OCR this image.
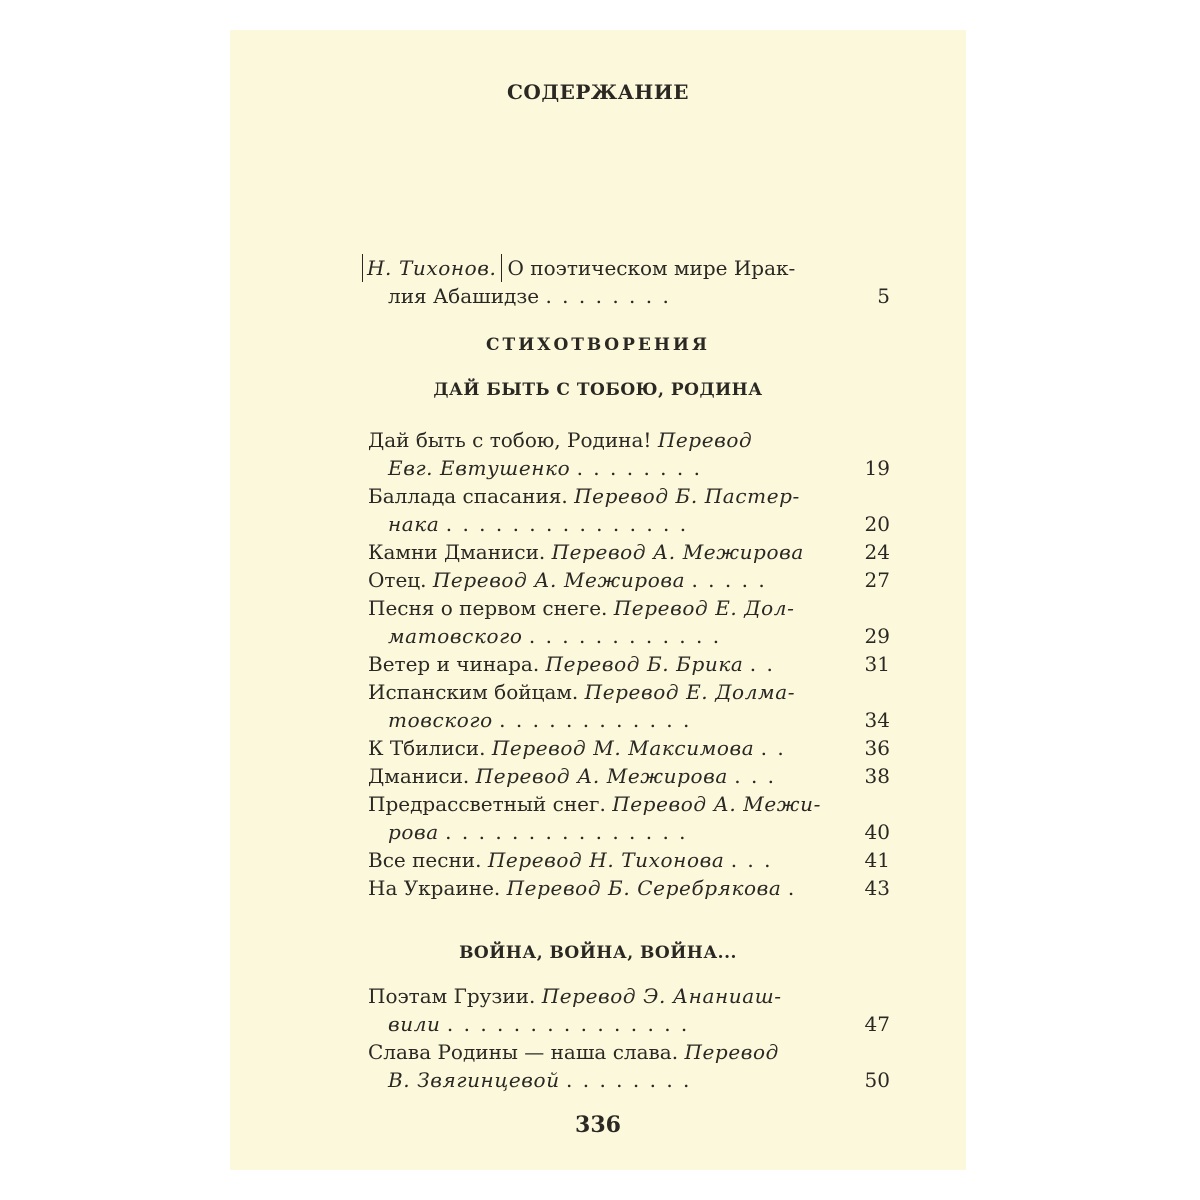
СОДЕРЖАНИЕ
Н. Тихонов. О поэтическом мире Ирак-
лия Абашидзе . . . . . . . .	5
СТИХОТВОРЕНИЯ
ДАЙ БЫТЬ С ТОБОЮ, РОДИНА
Дай быть с тобою, Родина! Перевод
Евг. Евтушенко . . . . . . . .	19
Баллада спасания. Перевод Б. Пастер-
нака . . . . . . . . . . . . . . .	20
Камни Дманиси. Перевод А. Межирова	24
Отец. Перевод А. Межирова . . . . .	27
Песня о первом снеге. Перевод Е. Дол-
матовского . . . . . . . . . . . .	29
Ветер и чинара. Перевод Б. Брика . .	31
Испанским бойцам. Перевод Е. Долма-
товского . . . . . . . . . . . .	34
К Тбилиси. Перевод М. Максимова . .	36
Дманиси. Перевод А. Межирова . . .	38
Предрассветный снег. Перевод А. Межи-
рова . . . . . . . . . . . . . . .	40
Все песни. Перевод Н. Тихонова . . .	41
На Украине. Перевод Б. Серебрякова .	43
ВОЙНА, ВОЙНА, ВОЙНА...
Поэтам Грузии. Перевод Э. Ананиаш-
вили . . . . . . . . . . . . . . .	47
Слава Родины — наша слава. Перевод
В. Звягинцевой . . . . . . . .	50
336
